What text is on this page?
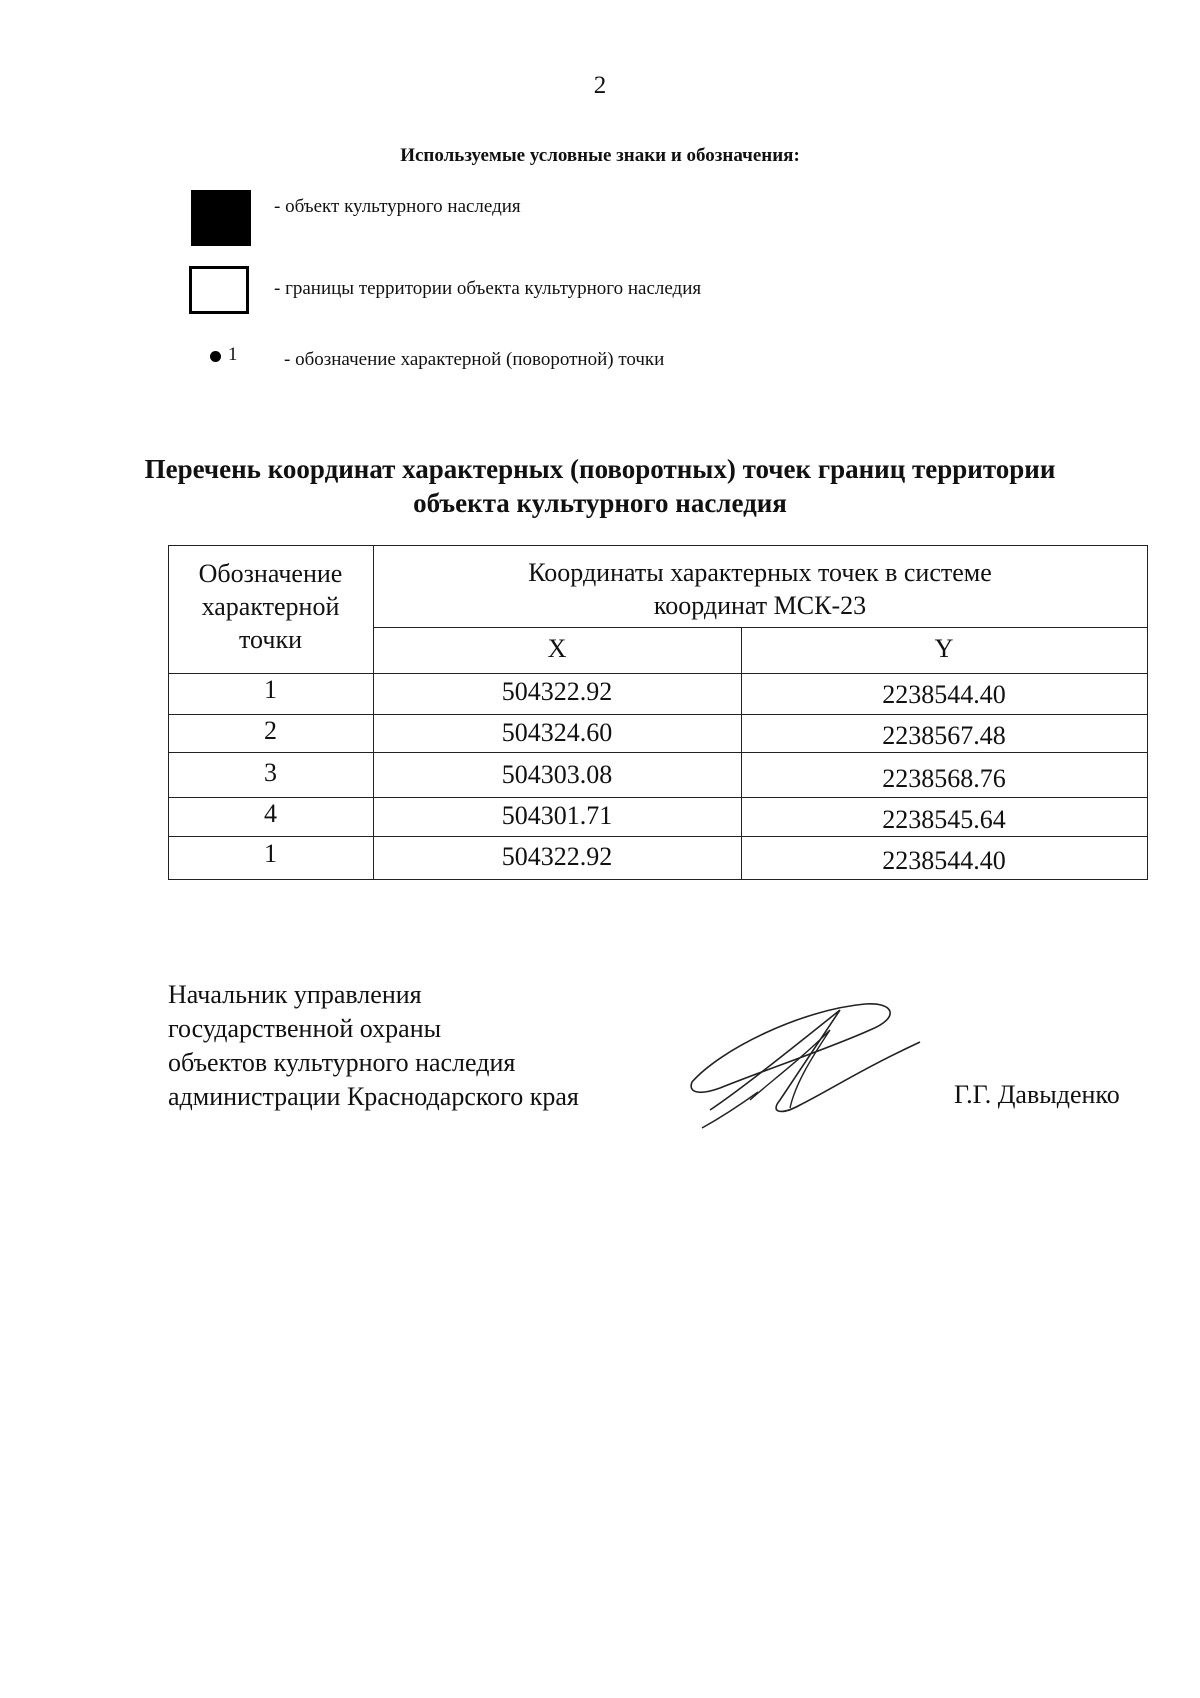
2
Используемые условные знаки и обозначения:
- объект культурного наследия
- границы территории объекта культурного наследия
1 - обозначение характерной (поворотной) точки
Перечень координат характерных (поворотных) точек границ территории
объекта культурного наследия
Обозначение
характерной
точки
Координаты характерных точек в системе
координат МСК-23
X	Y
1	504322.92	2238544.40
2	504324.60	2238567.48
3	504303.08	2238568.76
4	504301.71	2238545.64
1	504322.92	2238544.40
Начальник управления
государственной охраны
объектов культурного наследия
администрации Краснодарского края	Г.Г. Давыденко
